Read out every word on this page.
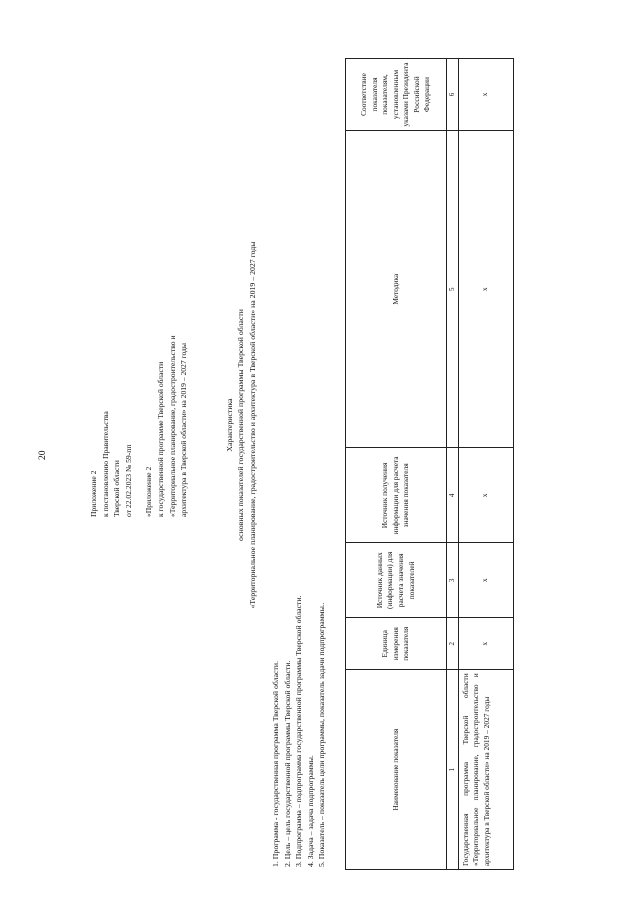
20
Приложение 2 к постановлению Правительства Тверской области от 22.02.2023 № 59-пп «Приложение 2 к государственной программе Тверской области «Территориальное планирование, градостроительство и архитектура в Тверской области» на 2019 – 2027 годы	Характеристика основных показателей государственной программы Тверской области «Территориальное планирование, градостроительство и архитектура в Тверской области» на 2019 – 2027 годы
1. Программа - государственная программа Тверской области. 2. Цель – цель государственной программы Тверской области. 3. Подпрограмма – подпрограмма государственной программы Тверской области. 4. Задача – задача подпрограммы. 5. Показатель – показатель цели программы, показатель задачи подпрограммы..	Наименование показателя	Единица измерения показателя	Источник данных (информации) для расчета значения показателей	Источник получения информации для расчета значения показателя	Методика	Соответствие показателя показателям, установленным указами Президента Российской Федерации
1	2	3	4	5	6
Государственная программа Тверской области «Территориальное планирование, градостроительство и архитектура в Тверской области» на 2019 – 2027 годы	х	х	х	х	х
